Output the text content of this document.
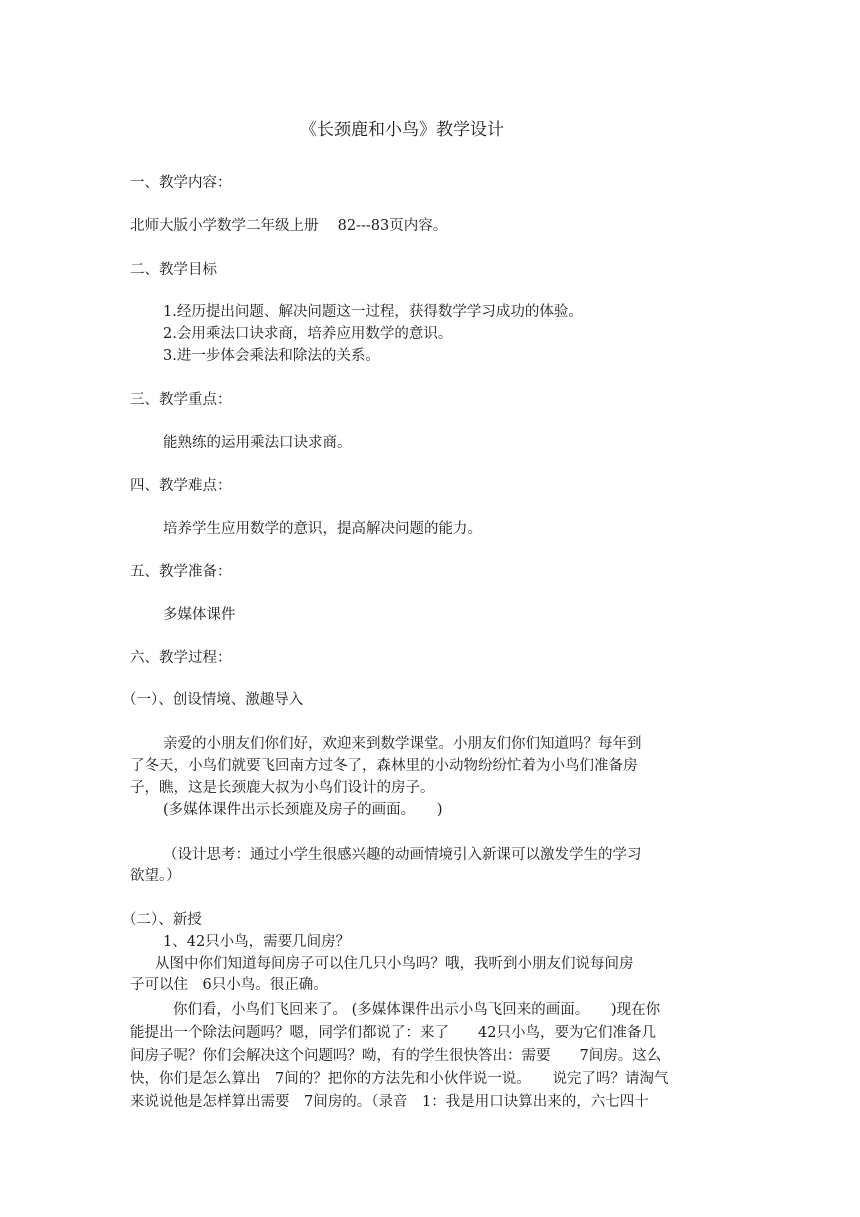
《长颈鹿和小鸟》教学设计
一、教学内容：
北师大版小学数学二年级上册　 82---83页内容。
二、教学目标
1.经历提出问题、解决问题这一过程，获得数学学习成功的体验。
2.会用乘法口诀求商，培养应用数学的意识。
3.进一步体会乘法和除法的关系。
三、教学重点：
能熟练的运用乘法口诀求商。
四、教学难点：
培养学生应用数学的意识，提高解决问题的能力。
五、教学准备：
多媒体课件
六、教学过程：
（一）、创设情境、激趣导入
亲爱的小朋友们你们好，欢迎来到数学课堂。小朋友们你们知道吗？每年到
了冬天，小鸟们就要飞回南方过冬了，森林里的小动物纷纷忙着为小鸟们准备房
子，瞧，这是长颈鹿大叔为小鸟们设计的房子。
(多媒体课件出示长颈鹿及房子的画面。　　)
（设计思考：通过小学生很感兴趣的动画情境引入新课可以激发学生的学习
欲望。）
（二）、新授
1、42只小鸟，需要几间房？
从图中你们知道每间房子可以住几只小鸟吗？哦，我听到小朋友们说每间房
子可以住　6只小鸟。很正确。
你们看，小鸟们飞回来了。 (多媒体课件出示小鸟飞回来的画面。　　)现在你
能提出一个除法问题吗？嗯，同学们都说了：来了　　42只小鸟，要为它们准备几
间房子呢？你们会解决这个问题吗？呦，有的学生很快答出：需要　　7间房。这么
快，你们是怎么算出　7间的？把你的方法先和小伙伴说一说。　　说完了吗？请淘气
来说说他是怎样算出需要　7间房的。（录音　1：我是用口诀算出来的，六七四十
